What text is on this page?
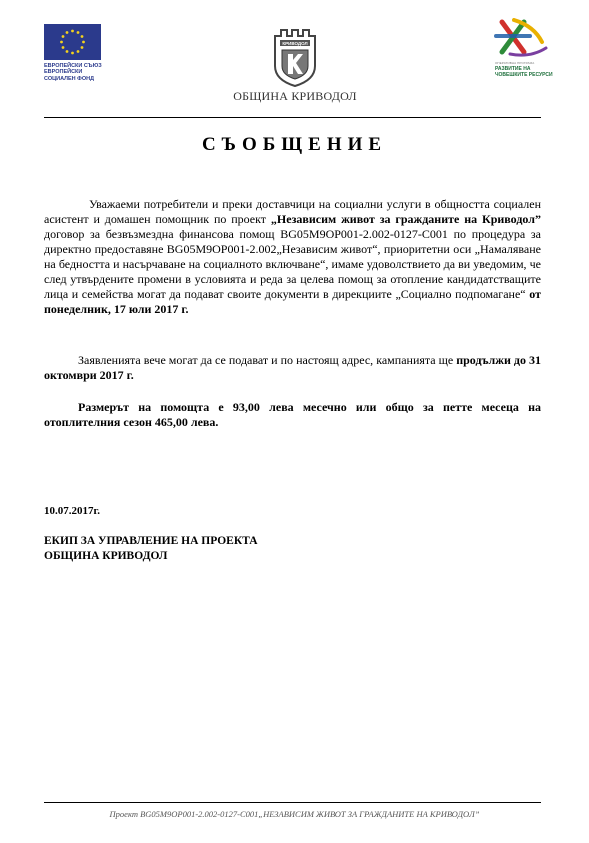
ЕВРОПЕЙСКИ СЪЮЗ
ЕВРОПЕЙСКИ
СОЦИАЛЕН ФОНД
КРИВОДОЛ
ОБЩИНА КРИВОДОЛ
ОПЕРАТИВНА ПРОГРАМА
РАЗВИТИЕ НА
ЧОВЕШКИТЕ РЕСУРСИ
СЪОБЩЕНИЕ
Уважаеми потребители и преки доставчици на социални услуги в общността социален асистент и домашен помощник по проект „Независим живот за гражданите на Криводол” договор за безвъзмездна финансова помощ BG05M9OP001-2.002-0127-C001 по процедура за директно предоставяне BG05M9OP001-2.002„Независим живот“, приоритетни оси „Намаляване на бедността и насърчаване на социалното включване“, имаме удоволствието да ви уведомим, че след утвърдените промени в условията и реда за целева помощ за отопление кандидатстващите лица и семейства могат да подават своите документи в дирекциите „Социално подпомагане“ от понеделник, 17 юли 2017 г.
Заявленията вече могат да се подават и по настоящ адрес, кампанията ще продължи до 31 октомври 2017 г.
Размерът на помощта е 93,00 лева месечно или общо за петте месеца на отоплителния сезон 465,00 лева.
10.07.2017г.
ЕКИП ЗА УПРАВЛЕНИЕ НА ПРОЕКТА
ОБЩИНА КРИВОДОЛ
Проект BG05М9ОР001-2.002-0127-С001„НЕЗАВИСИМ ЖИВОТ ЗА ГРАЖДАНИТЕ НА КРИВОДОЛ”
